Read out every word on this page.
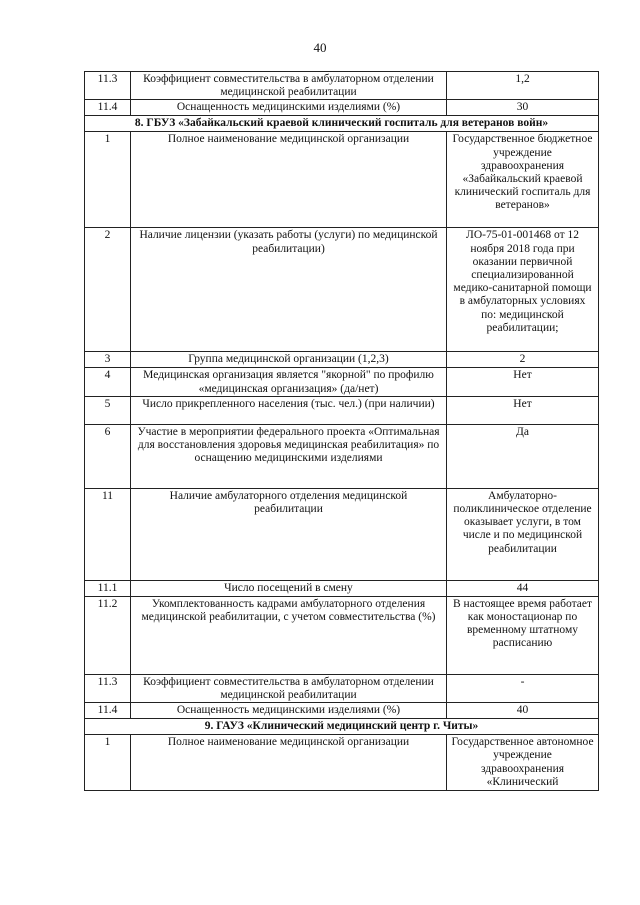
40
11.3	Коэффициент совместительства в амбулаторном отделении медицинской реабилитации	1,2
11.4	Оснащенность медицинскими изделиями (%)	30
8. ГБУЗ «Забайкальский краевой клинический госпиталь для ветеранов войн»		
1	Полное наименование медицинской организации	Государственное бюджетное учреждение здравоохранения «Забайкальский краевой клинический госпиталь для ветеранов»
2	Наличие лицензии (указать работы (услуги) по медицинской реабилитации)	ЛО-75-01-001468 от 12 ноября 2018 года при оказании первичной специализированной медико-санитарной помощи в амбулаторных условиях по: медицинской реабилитации;
3	Группа медицинской организации (1,2,3)	2
4	Медицинская организация является "якорной" по профилю «медицинская организация» (да/нет)	Нет
5	Число прикрепленного населения (тыс. чел.) (при наличии)	Нет
6	Участие в мероприятии федерального проекта «Оптимальная для восстановления здоровья медицинская реабилитация» по оснащению медицинскими изделиями	Да
11	Наличие амбулаторного отделения медицинской реабилитации	Амбулаторно-поликлиническое отделение оказывает услуги, в том числе и по медицинской реабилитации
11.1	Число посещений в смену	44
11.2	Укомплектованность кадрами амбулаторного отделения медицинской реабилитации, с учетом совместительства (%)	В настоящее время работает как моностационар по временному штатному расписанию
11.3	Коэффициент совместительства в амбулаторном отделении медицинской реабилитации	-
11.4	Оснащенность медицинскими изделиями (%)	40
9. ГАУЗ «Клинический медицинский центр г. Читы»		
1	Полное наименование медицинской организации	Государственное автономное учреждение здравоохранения «Клинический
